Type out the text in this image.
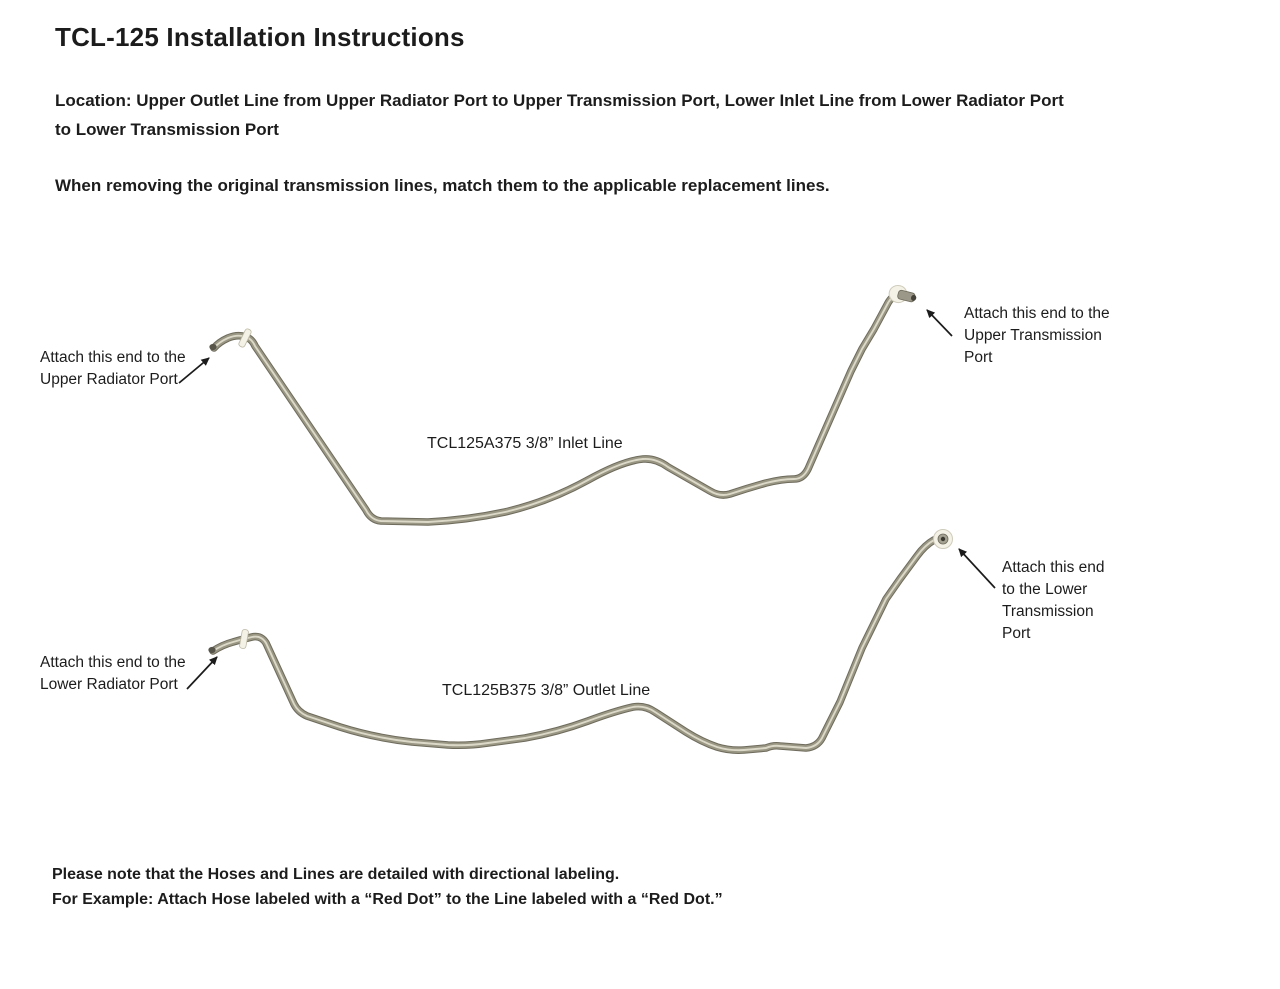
TCL-125 Installation Instructions
Location: Upper Outlet Line from Upper Radiator Port to Upper Transmission Port, Lower Inlet Line from Lower Radiator Port
to Lower Transmission Port
When removing the original transmission lines, match them to the applicable replacement lines.
TCL125A375 3/8” Inlet Line
TCL125B375 3/8” Outlet Line
Attach this end to the
Upper Radiator Port
Attach this end to the
Upper Transmission
Port
Attach this end to the
Lower Radiator Port
Attach this end
to the Lower
Transmission
Port
Please note that the Hoses and Lines are detailed with directional labeling.
For Example: Attach Hose labeled with a “Red Dot” to the Line labeled with a “Red Dot.”
